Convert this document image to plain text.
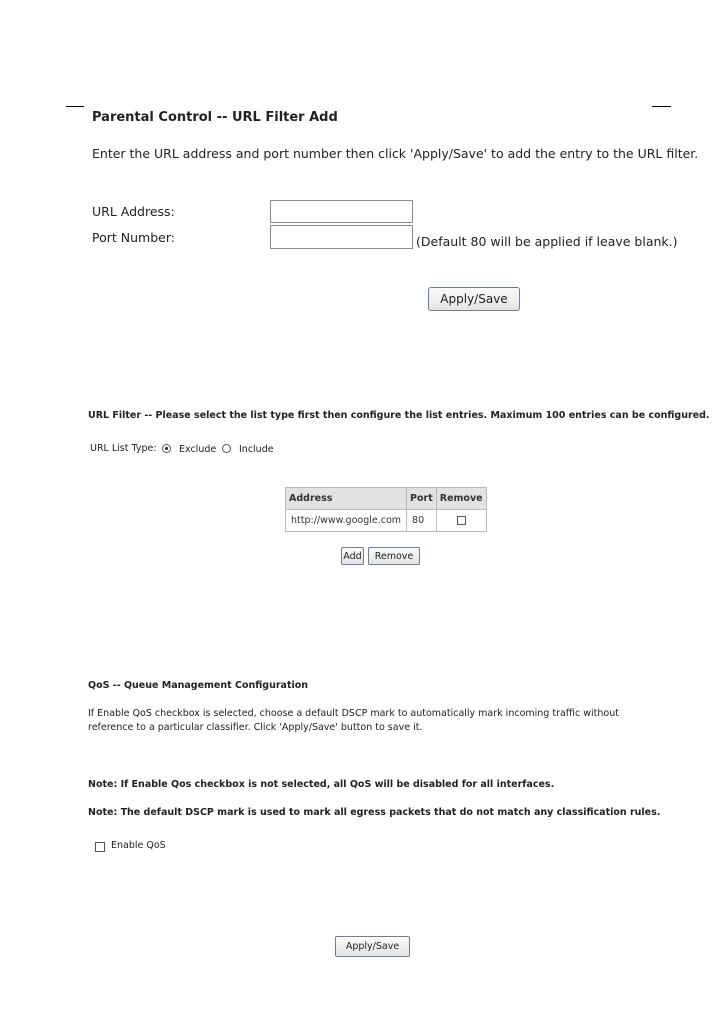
Parental Control -- URL Filter Add
Enter the URL address and port number then click 'Apply/Save' to add the entry to the URL filter.
URL Address:
Port Number:	(Default 80 will be applied if leave blank.)
Apply/Save
URL Filter -- Please select the list type first then configure the list entries. Maximum 100 entries can be configured.
URL List Type: Exclude Include
Address	Port	Remove
http://www.google.com	80	
Add	Remove
QoS -- Queue Management Configuration
If Enable QoS checkbox is selected, choose a default DSCP mark to automatically mark incoming traffic without reference to a particular classifier. Click 'Apply/Save' button to save it.
Note: If Enable Qos checkbox is not selected, all QoS will be disabled for all interfaces.
Note: The default DSCP mark is used to mark all egress packets that do not match any classification rules.
Enable QoS
Apply/Save
